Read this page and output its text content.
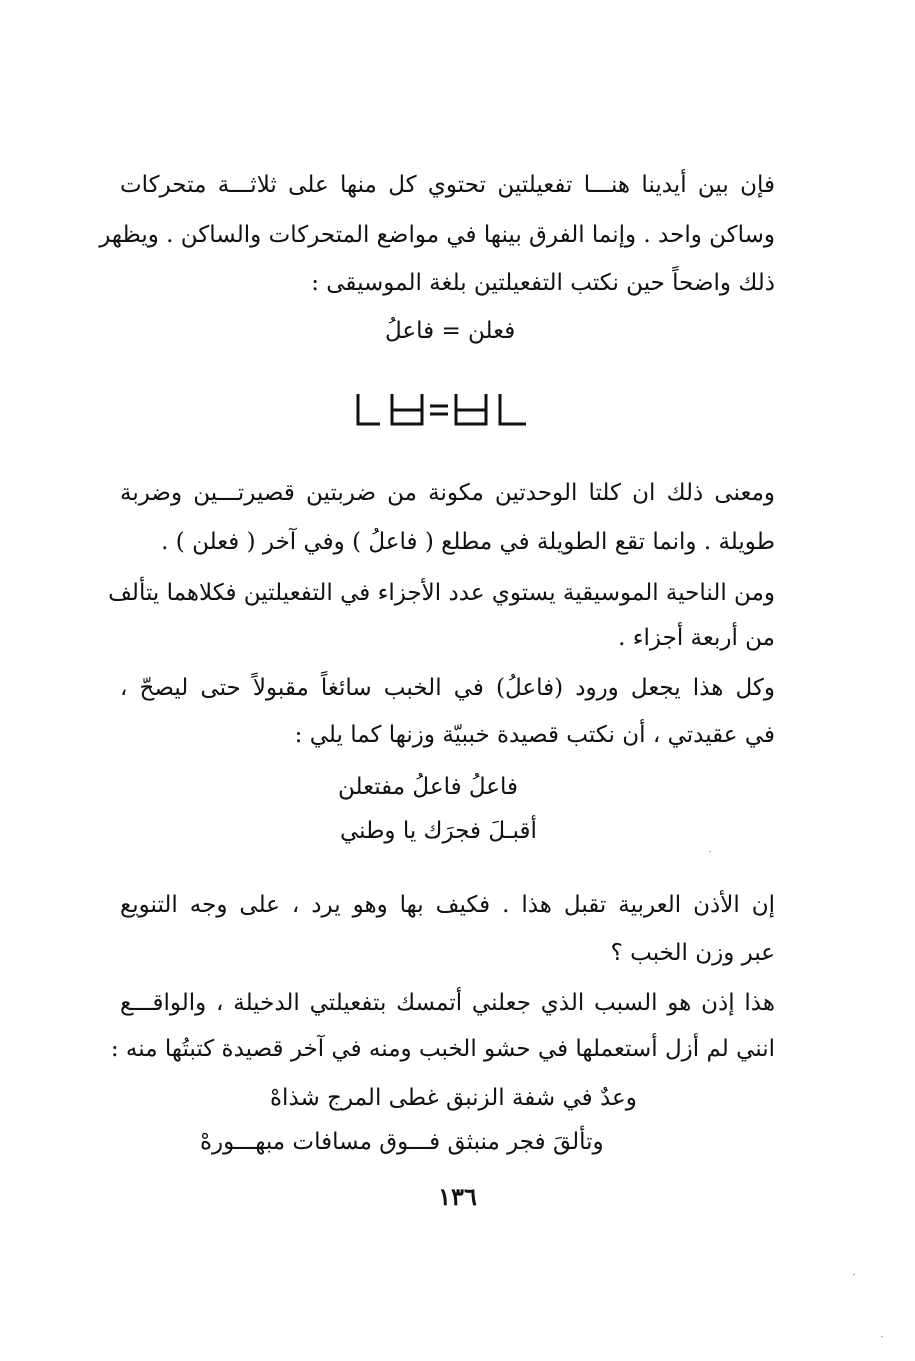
فإن بين أيدينا هنـــا تفعيلتين تحتوي كل منها على ثلاثـــة متحركات
وساكن واحد . وإنما الفرق بينها في مواضع المتحركات والساكن . ويظهر
ذلك واضحاً حين نكتب التفعيلتين بلغة الموسيقى :
فعلن = فاعلُ
ومعنى ذلك ان كلتا الوحدتين مكونة من ضربتين قصيرتـــين وضربة
طويلة . وانما تقع الطويلة في مطلع ( فاعلُ ) وفي آخر ( فعلن ) .
ومن الناحية الموسيقية يستوي عدد الأجزاء في التفعيلتين فكلاهما يتألف
من أربعة أجزاء .
وكل هذا يجعل ورود (فاعلُ) في الخبب سائغاً مقبولاً حتى ليصحّ ،
في عقيدتي ، أن نكتب قصيدة خببيّة وزنها كما يلي :
فاعلُ فاعلُ مفتعلن
أقبـلَ فجرَك يا وطني
إن الأذن العربية تقبل هذا . فكيف بها وهو يرد ، على وجه التنويع
عبر وزن الخبب ؟
هذا إذن هو السبب الذي جعلني أتمسك بتفعيلتي الدخيلة ، والواقـــع
انني لم أزل أستعملها في حشو الخبب ومنه في آخر قصيدة كتبتُها منه :
وعدٌ في شفة الزنبق غطى المرج شذاهْ
وتألقَ فجر منبثق فـــوق مسافات مبهـــورهْ
١٣٦
·
·
·
